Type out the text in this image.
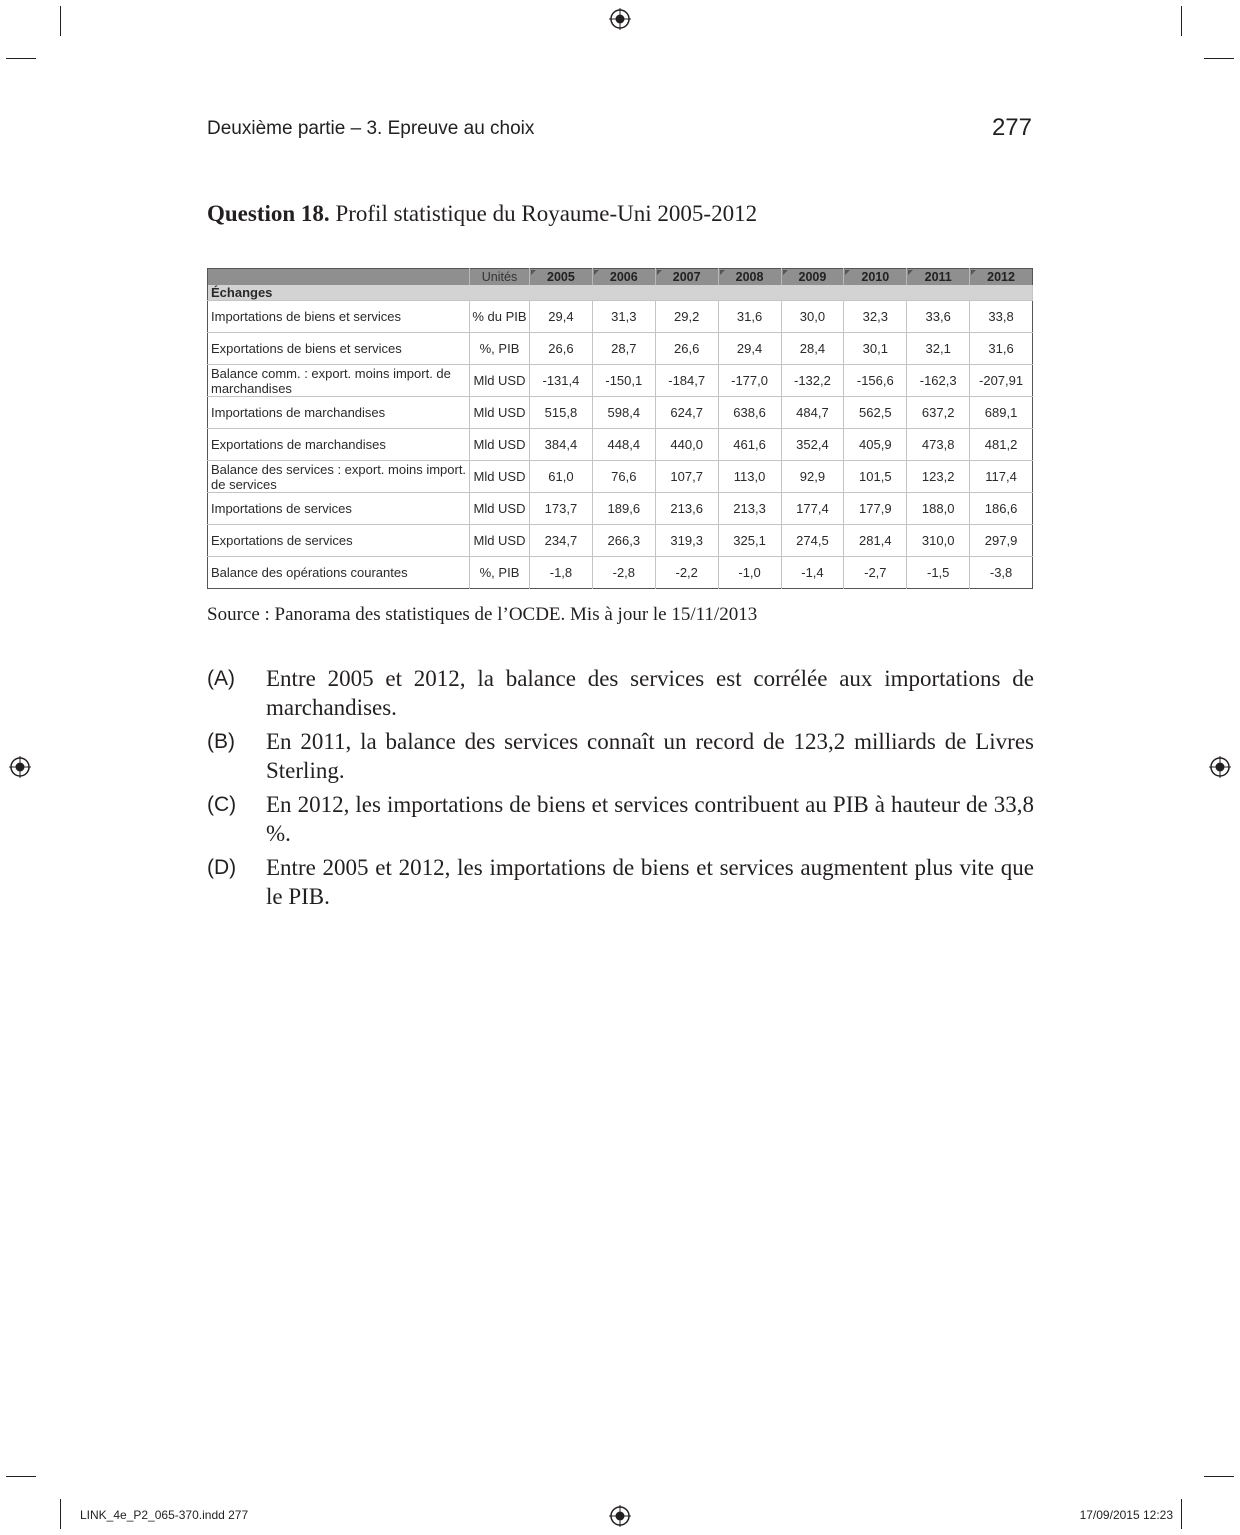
Deuxième partie – 3. Epreuve au choix	277
Question 18. Profil statistique du Royaume-Uni 2005-2012
	Unités	2005	2006	2007	2008	2009	2010	2011	2012
Échanges									
Importations de biens et services	% du PIB	29,4	31,3	29,2	31,6	30,0	32,3	33,6	33,8
Exportations de biens et services	%, PIB	26,6	28,7	26,6	29,4	28,4	30,1	32,1	31,6
Balance comm. : export. moins import. de marchandises	Mld USD	-131,4	-150,1	-184,7	-177,0	-132,2	-156,6	-162,3	-207,91
Importations de marchandises	Mld USD	515,8	598,4	624,7	638,6	484,7	562,5	637,2	689,1
Exportations de marchandises	Mld USD	384,4	448,4	440,0	461,6	352,4	405,9	473,8	481,2
Balance des services : export. moins import. de services	Mld USD	61,0	76,6	107,7	113,0	92,9	101,5	123,2	117,4
Importations de services	Mld USD	173,7	189,6	213,6	213,3	177,4	177,9	188,0	186,6
Exportations de services	Mld USD	234,7	266,3	319,3	325,1	274,5	281,4	310,0	297,9
Balance des opérations courantes	%, PIB	-1,8	-2,8	-2,2	-1,0	-1,4	-2,7	-1,5	-3,8
Source : Panorama des statistiques de l’OCDE. Mis à jour le 15/11/2013
(A)	Entre 2005 et 2012, la balance des services est corrélée aux importations de marchandises.
(B)	En 2011, la balance des services connaît un record de 123,2 milliards de Livres Sterling.
(C)	En 2012, les importations de biens et services contribuent au PIB à hauteur de 33,8 %.
(D)	Entre 2005 et 2012, les importations de biens et services augmentent plus vite que le PIB.
LINK_4e_P2_065-370.indd 277	17/09/2015 12:23
